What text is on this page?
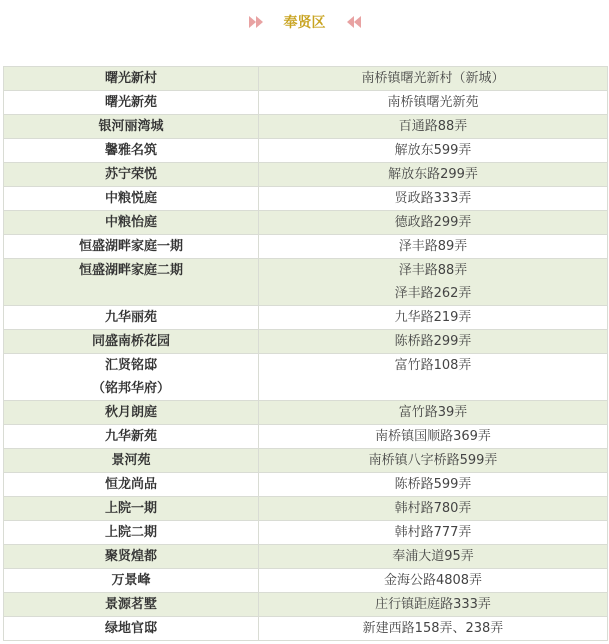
奉贤区
曙光新村	南桥镇曙光新村（新城）

曙光新苑	南桥镇曙光新苑

银河丽湾城	百通路88弄

馨雅名筑	解放东599弄

苏宁荣悦	解放东路299弄

中粮悦庭	贤政路333弄

中粮怡庭	德政路299弄

恒盛湖畔家庭一期	泽丰路89弄

恒盛湖畔家庭二期	泽丰路88弄
泽丰路262弄

九华丽苑	九华路219弄

同盛南桥花园	陈桥路299弄

汇贤铭邸
（铭邦华府）	富竹路108弄

秋月朗庭	富竹路39弄

九华新苑	南桥镇国顺路369弄

景河苑	南桥镇八字桥路599弄

恒龙尚品	陈桥路599弄

上院一期	韩村路780弄

上院二期	韩村路777弄

聚贤煌都	奉浦大道95弄

万景峰	金海公路4808弄

景源茗墅	庄行镇距庭路333弄

绿地官邸	新建西路158弄、238弄
